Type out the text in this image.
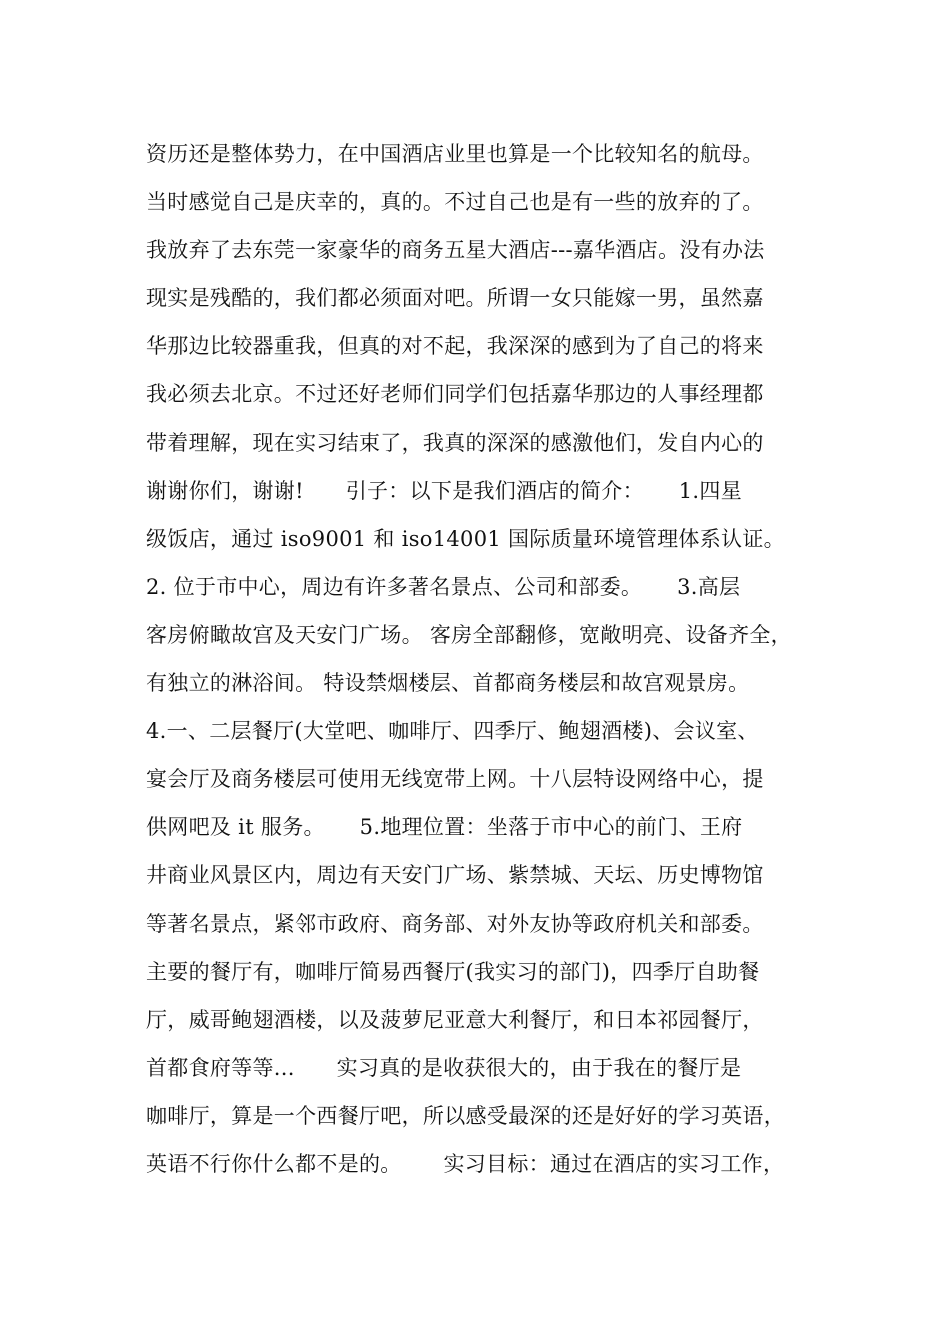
资历还是整体势力，在中国酒店业里也算是一个比较知名的航母。
当时感觉自己是庆幸的，真的。不过自己也是有一些的放弃的了。
我放弃了去东莞一家豪华的商务五星大酒店---嘉华酒店。没有办法
现实是残酷的，我们都必须面对吧。所谓一女只能嫁一男，虽然嘉
华那边比较器重我，但真的对不起，我深深的感到为了自己的将来
我必须去北京。不过还好老师们同学们包括嘉华那边的人事经理都
带着理解，现在实习结束了，我真的深深的感激他们，发自内心的
谢谢你们，谢谢!      引子：以下是我们酒店的简介：     1.四星
级饭店，通过 iso9001 和 iso14001 国际质量环境管理体系认证。
2. 位于市中心，周边有许多著名景点、公司和部委。     3.高层
客房俯瞰故宫及天安门广场。 客房全部翻修，宽敞明亮、设备齐全，
有独立的淋浴间。 特设禁烟楼层、首都商务楼层和故宫观景房。
4.一、二层餐厅(大堂吧、咖啡厅、四季厅、鲍翅酒楼)、会议室、
宴会厅及商务楼层可使用无线宽带上网。十八层特设网络中心，提
供网吧及 it 服务。     5.地理位置：坐落于市中心的前门、王府
井商业风景区内，周边有天安门广场、紫禁城、天坛、历史博物馆
等著名景点，紧邻市政府、商务部、对外友协等政府机关和部委。
主要的餐厅有，咖啡厅简易西餐厅(我实习的部门)，四季厅自助餐
厅，威哥鲍翅酒楼，以及菠萝尼亚意大利餐厅，和日本祁园餐厅，
首都食府等等...      实习真的是收获很大的，由于我在的餐厅是
咖啡厅，算是一个西餐厅吧，所以感受最深的还是好好的学习英语，
英语不行你什么都不是的。      实习目标：通过在酒店的实习工作，
